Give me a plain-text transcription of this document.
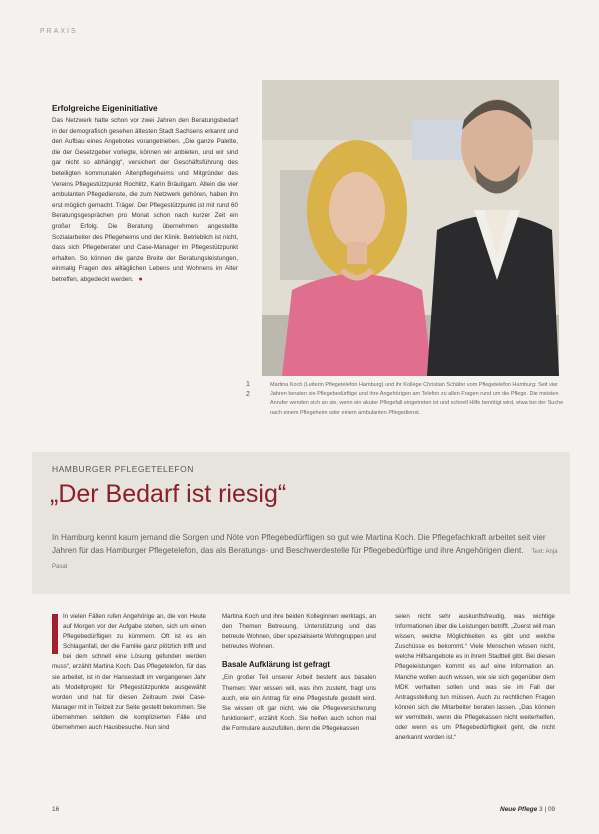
PRAXIS
Erfolgreiche Eigeninitiative

Das Netzwerk hatte schon vor zwei Jahren den Beratungsbedarf in der demografisch gesehen ältesten Stadt Sachsens erkannt und den Aufbau eines Angebotes vorangetrieben. „Die ganze Palette, die der Gesetzgeber vorlegte, können wir anbieten, und wir sind gar nicht so abhängig“, versichert der Geschäftsführung des beteiligten kommunalen Altenpflegeheims und Mitgründer des Vereins Pflegestützpunkt Rochlitz, Karin Bräutigam. Allein die vier ambulanten Pflegedienste, die zum Netzwerk gehören, haben ihn erst möglich gemacht. Träger. Der Pflegestützpunkt ist mit rund 60 Beratungsgesprächen pro Monat schon nach kurzer Zeit ein großer Erfolg. Die Beratung übernehmen angestellte Sozialarbeiter des Pflegeheims und der Klinik. Betrieblich ist nicht, dass sich Pflegeberater und Case-Manager im Pflegestützpunkt erhalten. So können die ganze Breite der Beratungsleistungen, einmalig Fragen des alltäglichen Lebens und Wohnens im Alter betreffen, abgedeckt werden. ●

1
2
Martina Koch (Leiterin Pflegetelefon Hamburg) und ihr Kollege Christian Schäfer vom Pflegetelefon Hamburg: Seit vier Jahren beraten sie Pflegebedürftige und ihre Angehörigen am Telefon zu allen Fragen rund um die Pflege. Die meisten Anrufer wenden sich an sie, wenn ein akuter Pflegefall eingetreten ist und schnell Hilfe benötigt wird, etwa bei der Suche nach einem Pflegeheim oder einem ambulanten Pflegedienst.
HAMBURGER PFLEGETELEFON
„Der Bedarf ist riesig“
In Hamburg kennt kaum jemand die Sorgen und Nöte von Pflegebedürftigen so gut wie Martina Koch. Die Pflegefachkraft arbeitet seit vier Jahren für das Hamburger Pflegetelefon, das als Beratungs- und Beschwerdestelle für Pflegebedürftige und ihre Angehörigen dient. Text: Anja Pasat

In vielen Fällen rufen Angehörige an, die von Heute auf Morgen vor der Aufgabe stehen, sich um einen Pflegebedürftigen zu kümmern. Oft ist es ein Schlaganfall, der die Familie ganz plötzlich trifft und bei dem schnell eine Lösung gefunden werden muss“, erzählt Martina Koch. Das Pflegetelefon, für das sie arbeitet, ist in der Hansestadt im vergangenen Jahr als Modellprojekt für Pflegestützpunkte ausgewählt worden und hat für diesen Zeitraum zwei Case-Manager mit in Teilzeit zur Seite gestellt bekommen. Sie übernehmen seitdem die komplizierten Fälle und übernehmen auch Hausbesuche. Nun sind

Martina Koch und ihre beiden Kolleginnen werktags, an den Themen Betreuung, Unterstützung und das betreute Wohnen, über spezialisierte Wohngruppen und betreutes Wohnen.

Basale Aufklärung ist gefragt

„Ein großer Teil unserer Arbeit besteht aus basalen Themen: Wer wissen will, was ihm zusteht, fragt uns auch, wie ein Antrag für eine Pflegestufe gestellt wird. Sie wissen oft gar nicht, wie die Pflegeversicherung funktioniert“, erzählt Koch. Sie helfen auch schon mal die Formulare auszufüllen, denn die Pflegekassen

seien nicht sehr auskunftsfreudig, was wichtige Informationen über die Leistungen betrifft. „Zuerst will man wissen, welche Möglichkeiten es gibt und welche Zuschüsse es bekommt.“ Viele Menschen wissen nicht, welche Hilfsangebote es in ihrem Stadtteil gibt. Bei diesen Pflegeleistungen kommt es auf eine Information an. Manche wollen auch wissen, wie sie sich gegenüber dem MDK verhalten sollen und was sie im Fall der Antragsstellung tun müssen. Auch zu rechtlichen Fragen können sich die Mitarbeiter beraten lassen. „Das können wir vermitteln, wenn die Pflegekassen nicht weiterhelfen, oder wenn es um Pflegebedürftigkeit geht, die nicht anerkannt worden ist.“

16	Neue Pflege 3 | 09
